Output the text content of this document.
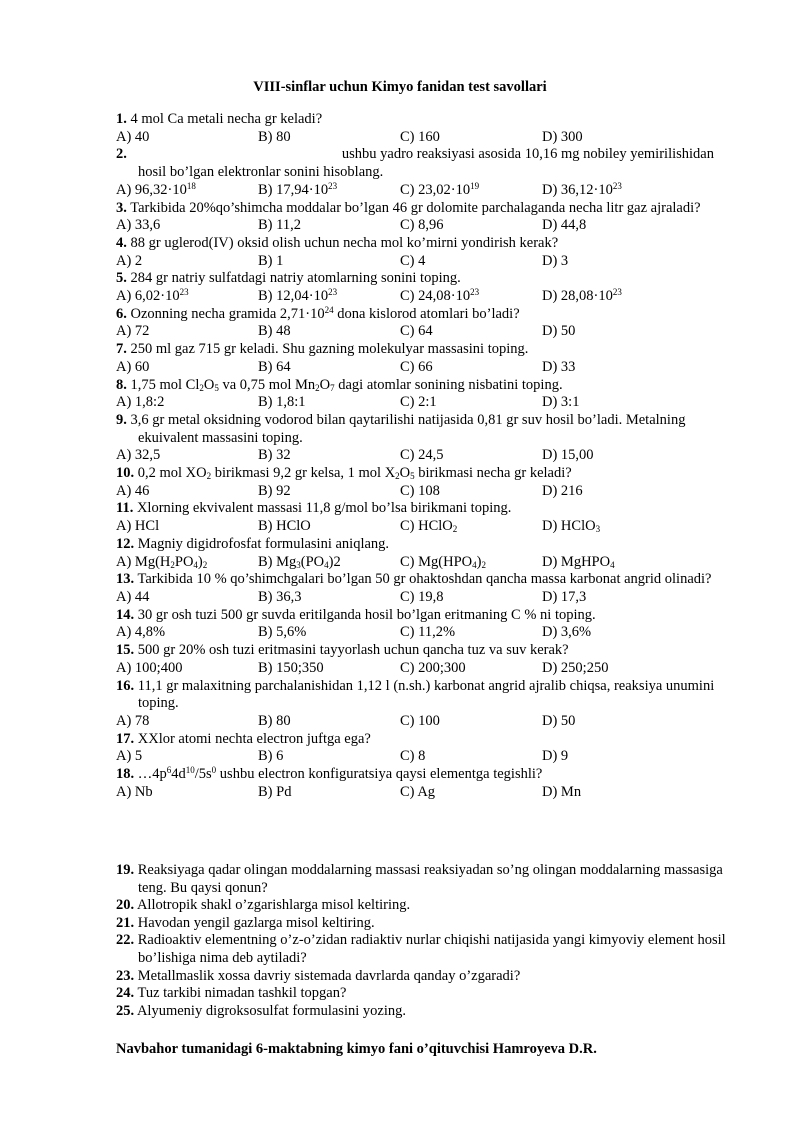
VIII-sinflar uchun Kimyo fanidan test savollari
1. 4 mol Ca metali necha gr keladi?
A) 40	B) 80	C) 160	D) 300
2.	ushbu yadro reaksiyasi asosida 10,16 mg nobiley yemirilishidan
hosil bo’lgan elektronlar sonini hisoblang.
A) $96,32\cdot 10^{18}$	B) $17,94\cdot 10^{23}$	C) $23,02\cdot 10^{19}$	D) $36,12\cdot 10^{23}$
3. Tarkibida 20%qo’shimcha moddalar bo’lgan 46 gr dolomite parchalaganda necha litr gaz ajraladi?
A) 33,6	B) 11,2	C) 8,96	D) 44,8
4. 88 gr uglerod(IV) oksid olish uchun necha mol ko’mirni yondirish kerak?
A) 2	B) 1	C) 4	D) 3
5. 284 gr natriy sulfatdagi natriy atomlarning sonini toping.
A) $6,02\cdot 10^{23}$	B) $12,04\cdot 10^{23}$	C) $24,08\cdot 10^{23}$	D) $28,08\cdot 10^{23}$
6. Ozonning necha gramida $2,71\cdot 10^{24}$ dona kislorod atomlari bo’ladi?
A) 72	B) 48	C) 64	D) 50
7. 250 ml gaz 715 gr keladi. Shu gazning molekulyar massasini toping.
A) 60	B) 64	C) 66	D) 33
8. 1,75 mol $Cl_2O_5$ va 0,75 mol $Mn_2O_7$ dagi atomlar sonining nisbatini toping.
A) 1,8:2	B) 1,8:1	C) 2:1	D) 3:1
9. 3,6 gr metal oksidning vodorod bilan qaytarilishi natijasida 0,81 gr suv hosil bo’ladi. Metalning ekuivalent massasini toping.
A) 32,5	B) 32	C) 24,5	D) 15,00
10. 0,2 mol $XO_2$ birikmasi 9,2 gr kelsa, 1 mol $X_2O_5$ birikmasi necha gr keladi?
A) 46	B) 92	C) 108	D) 216
11. Xlorning ekvivalent massasi 11,8 g/mol bo’lsa birikmani toping.
A) HCl	B) HClO	C) HClO$_2$	D) HClO$_3$
12. Magniy digidrofosfat formulasini aniqlang.
A) $Mg(H_2PO_4)_2$	B) $Mg_3(PO_4)2$	C) $Mg(HPO_4)_2$	D) MgHPO$_4$
13. Tarkibida 10 % qo’shimchgalari bo’lgan 50 gr ohaktoshdan qancha massa karbonat angrid olinadi?
A) 44	B) 36,3	C) 19,8	D) 17,3
14. 30 gr osh tuzi 500 gr suvda eritilganda hosil bo’lgan eritmaning C % ni toping.
A) 4,8%	B) 5,6%	C) 11,2%	D) 3,6%
15. 500 gr 20% osh tuzi eritmasini tayyorlash uchun qancha tuz va suv kerak?
A) 100;400	B) 150;350	C) 200;300	D) 250;250
16. 11,1 gr malaxitning parchalanishidan 1,12 l (n.sh.) karbonat angrid ajralib chiqsa, reaksiya unumini toping.
A) 78	B) 80	C) 100	D) 50
17. XXlor atomi nechta electron juftga ega?
A) 5	B) 6	C) 8	D) 9
18. $\dots 4p^64d^{10}/5s^0$ ushbu electron konfiguratsiya qaysi elementga tegishli?
A) Nb	B) Pd	C) Ag	D) Mn
19. Reaksiyaga qadar olingan moddalarning massasi reaksiyadan so’ng olingan moddalarning massasiga teng. Bu qaysi qonun?
20. Allotropik shakl o’zgarishlarga misol keltiring.
21. Havodan yengil gazlarga misol keltiring.
22. Radioaktiv elementning o’z-o’zidan radiaktiv nurlar chiqishi natijasida yangi kimyoviy element hosil bo’lishiga nima deb aytiladi?
23. Metallmaslik xossa davriy sistemada davrlarda qanday o’zgaradi?
24. Tuz tarkibi nimadan tashkil topgan?
25. Alyumeniy digroksosulfat formulasini yozing.
Navbahor tumanidagi 6-maktabning kimyo fani o’qituvchisi Hamroyeva D.R.
